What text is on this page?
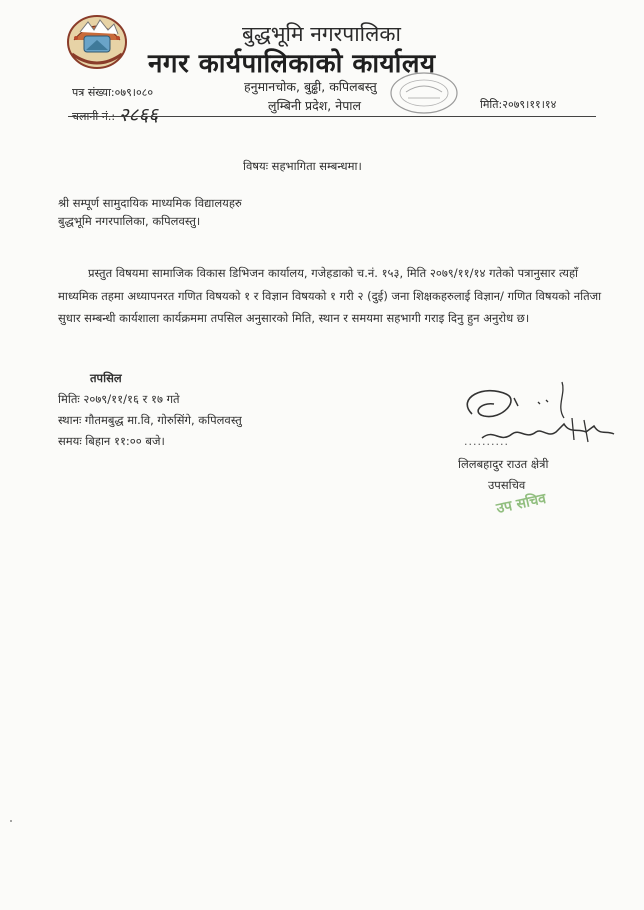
बुद्धभूमि नगरपालिका
नगर कार्यपालिकाको कार्यालय
हनुमानचोक, बुढ्ढी, कपिलबस्तु
लुम्बिनी प्रदेश, नेपाल
पत्र संख्या:०७९।०८०
चलानी नं.: २८६६	मिति:२०७९।११।१४
विषयः सहभागिता सम्बन्धमा।
श्री सम्पूर्ण सामुदायिक माध्यमिक विद्यालयहरु
बुद्धभूमि नगरपालिका, कपिलवस्तु।
प्रस्तुत विषयमा सामाजिक विकास डिभिजन कार्यालय, गजेहडाको च.नं. १५३, मिति २०७९/११/१४ गतेको पत्रानुसार त्यहाँ माध्यमिक तहमा अध्यापनरत गणित विषयको १ र विज्ञान विषयको १ गरी २ (दुई) जना शिक्षकहरुलाई विज्ञान/ गणित विषयको नतिजा सुधार सम्बन्धी कार्यशाला कार्यक्रममा तपसिल अनुसारको मिति, स्थान र समयमा सहभागी गराइ दिनु हुन अनुरोध छ।
तपसिल
मितिः २०७९/११/१६ र १७ गते
स्थानः गौतमबुद्ध मा.वि, गोरुसिंगे, कपिलवस्तु
समयः बिहान ११:०० बजे।	..........
लिलबहादुर राउत क्षेत्री
उपसचिव
उप सचिव
